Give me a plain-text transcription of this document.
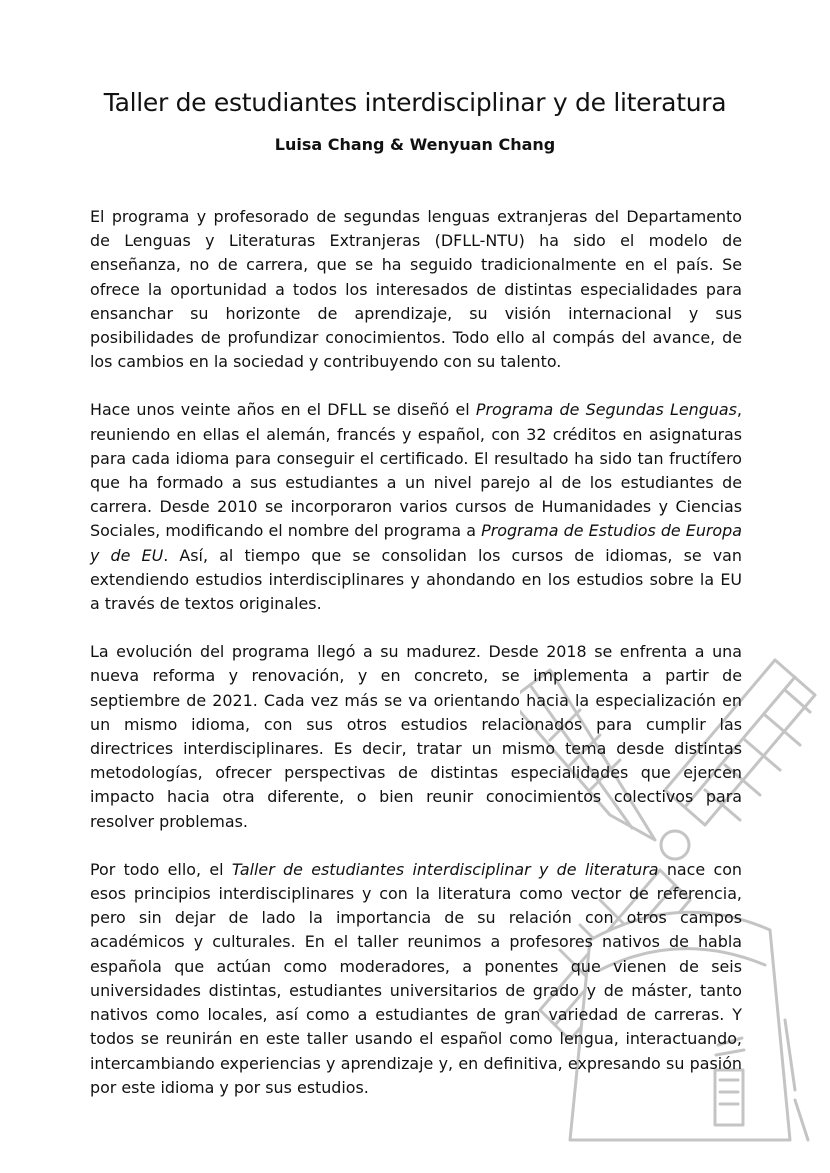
Taller de estudiantes interdisciplinar y de literatura
Luisa Chang & Wenyuan Chang

El programa y profesorado de segundas lenguas extranjeras del Departamento de Lenguas y Literaturas Extranjeras (DFLL-NTU) ha sido el modelo de enseñanza, no de carrera, que se ha seguido tradicionalmente en el país. Se ofrece la oportunidad a todos los interesados de distintas especialidades para ensanchar su horizonte de aprendizaje, su visión internacional y sus posibilidades de profundizar conocimientos. Todo ello al compás del avance, de los cambios en la sociedad y contribuyendo con su talento.

Hace unos veinte años en el DFLL se diseñó el Programa de Segundas Lenguas, reuniendo en ellas el alemán, francés y español, con 32 créditos en asignaturas para cada idioma para conseguir el certificado. El resultado ha sido tan fructífero que ha formado a sus estudiantes a un nivel parejo al de los estudiantes de carrera. Desde 2010 se incorporaron varios cursos de Humanidades y Ciencias Sociales, modificando el nombre del programa a Programa de Estudios de Europa y de EU. Así, al tiempo que se consolidan los cursos de idiomas, se van extendiendo estudios interdisciplinares y ahondando en los estudios sobre la EU a través de textos originales.

La evolución del programa llegó a su madurez. Desde 2018 se enfrenta a una nueva reforma y renovación, y en concreto, se implementa a partir de septiembre de 2021. Cada vez más se va orientando hacia la especialización en un mismo idioma, con sus otros estudios relacionados para cumplir las directrices interdisciplinares. Es decir, tratar un mismo tema desde distintas metodologías, ofrecer perspectivas de distintas especialidades que ejercen impacto hacia otra diferente, o bien reunir conocimientos colectivos para resolver problemas.

Por todo ello, el Taller de estudiantes interdisciplinar y de literatura nace con esos principios interdisciplinares y con la literatura como vector de referencia, pero sin dejar de lado la importancia de su relación con otros campos académicos y culturales. En el taller reunimos a profesores nativos de habla española que actúan como moderadores, a ponentes que vienen de seis universidades distintas, estudiantes universitarios de grado y de máster, tanto nativos como locales, así como a estudiantes de gran variedad de carreras. Y todos se reunirán en este taller usando el español como lengua, interactuando, intercambiando experiencias y aprendizaje y, en definitiva, expresando su pasión por este idioma y por sus estudios.
